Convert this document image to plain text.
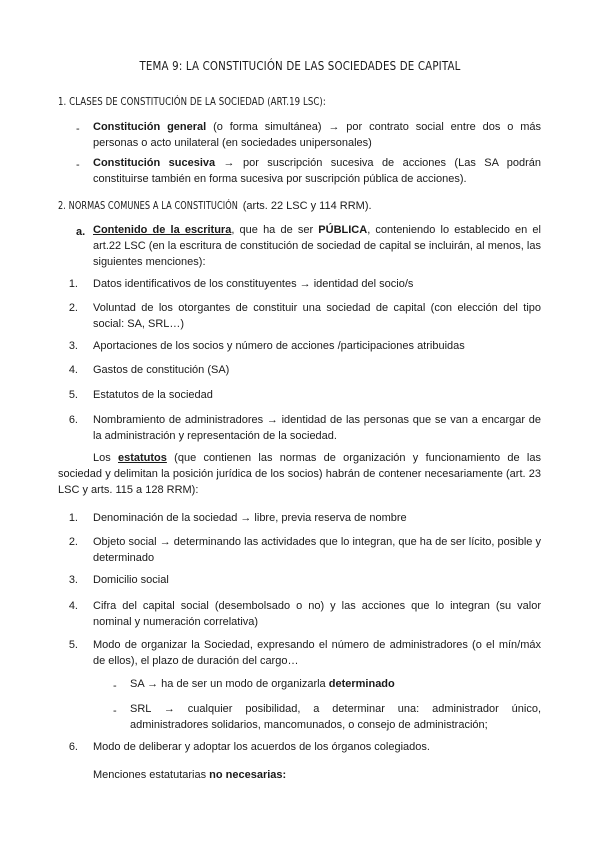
TEMA 9: LA CONSTITUCIÓN DE LAS SOCIEDADES DE CAPITAL
1. CLASES DE CONSTITUCIÓN DE LA SOCIEDAD (ART.19 LSC):
- Constitución general (o forma simultánea) → por contrato social entre dos o más personas o acto unilateral (en sociedades unipersonales)

- Constitución sucesiva → por suscripción sucesiva de acciones (Las SA podrán constituirse también en forma sucesiva por suscripción pública de acciones).

2. NORMAS COMUNES A LA CONSTITUCIÓN (arts. 22 LSC y 114 RRM).
a. Contenido de la escritura, que ha de ser PÚBLICA, conteniendo lo establecido en el art.22 LSC (en la escritura de constitución de sociedad de capital se incluirán, al menos, las siguientes menciones):

1. Datos identificativos de los constituyentes → identidad del socio/s

2. Voluntad de los otorgantes de constituir una sociedad de capital (con elección del tipo social: SA, SRL…)

3. Aportaciones de los socios y número de acciones /participaciones atribuidas

4. Gastos de constitución (SA)

5. Estatutos de la sociedad

6. Nombramiento de administradores → identidad de las personas que se van a encargar de la administración y representación de la sociedad.

Los estatutos (que contienen las normas de organización y funcionamiento de las sociedad y delimitan la posición jurídica de los socios) habrán de contener necesariamente (art. 23 LSC y arts. 115 a 128 RRM):

1. Denominación de la sociedad → libre, previa reserva de nombre

2. Objeto social → determinando las actividades que lo integran, que ha de ser lícito, posible y determinado

3. Domicilio social

4. Cifra del capital social (desembolsado o no) y las acciones que lo integran (su valor nominal y numeración correlativa)

5. Modo de organizar la Sociedad, expresando el número de administradores (o el mín/máx de ellos), el plazo de duración del cargo…

- SA → ha de ser un modo de organizarla determinado

- SRL → cualquier posibilidad, a determinar una: administrador único, administradores solidarios, mancomunados, o consejo de administración;

6. Modo de deliberar y adoptar los acuerdos de los órganos colegiados.

Menciones estatutarias no necesarias:
